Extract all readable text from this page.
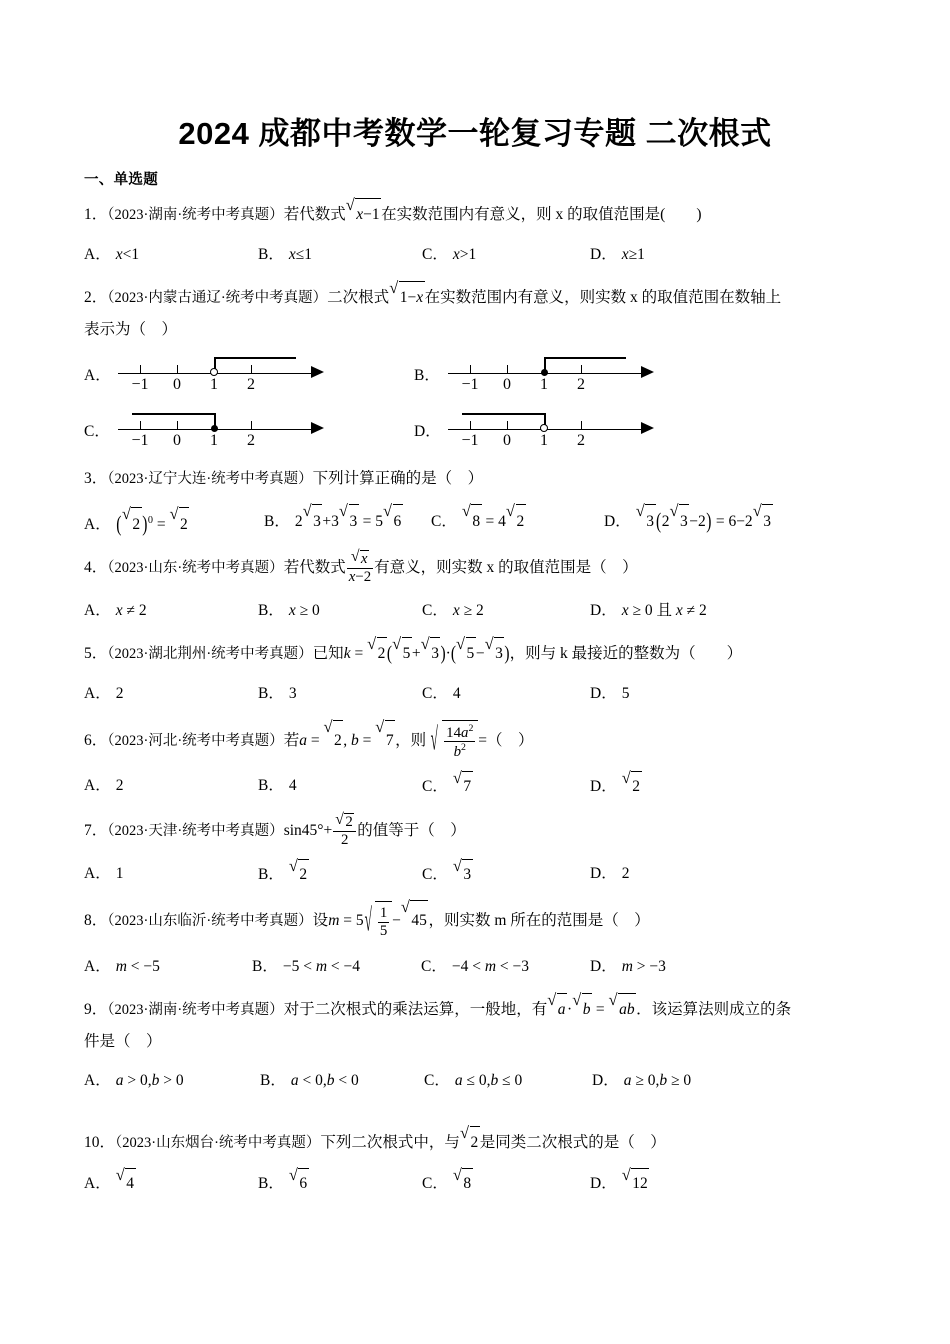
2024 成都中考数学一轮复习专题 二次根式
一、单选题
1．（2023·湖南·统考中考真题）若代数式 √ x−1在实数范围内有意义，则 x 的取值范围是(　　)
A． x<1	B． x≤1	C． x>1	D． x≥1
2．（2023·内蒙古通辽·统考中考真题）二次根式 √ 1−x在实数范围内有意义，则实数 x 的取值范围在数轴上
表示为（　）
A．
−1	0	1	2
B．
−1	0	1	2
C．
−1	0	1	2
D．
−1	0	1	2
3．（2023·辽宁大连·统考中考真题）下列计算正确的是（　）
A． ( √ 2 )$^0$ = √ 2	B． 2 √ 3+3 √ 3 = 5 √ 6 C． √ 8 = 4 √ 2	D． √ 3 (2 √ 3−2) = 6−2 √ 3
4．（2023·山东·统考中考真题）若代数式 √ $\frac{x}{x-2}$ 有意义，则实数 x 的取值范围是（　）
A． x ≠ 2	B． x ≥ 0	C． x ≥ 2	D． x ≥ 0 且 x ≠ 2
5．（2023·湖北荆州·统考中考真题）已知k = √ 2( √ 5+ √ 3)·( √ 5− √ 3)，则与 k 最接近的整数为（　　）
A． 2	B． 3	C． 4	D． 5
6．（2023·河北·统考中考真题）若a = √ 2, b = √ 7，则 √ $\frac{14a^2}{b^2}$ =（　）
A． 2	B． 4	C． √ 7	D． √ 2
7．（2023·天津·统考中考真题）sin45°+ √ $\frac{2}{2}$ 的值等于（　）
A． 1	B． √ 2	C． √ 3	D． 2
8．（2023·山东临沂·统考中考真题）设m = 5 √ $\frac{1}{5}$ − √ 45，则实数 m 所在的范围是（　）
A． m < −5	B． −5 < m < −4	C． −4 < m < −3	D． m > −3
9．（2023·湖南·统考中考真题）对于二次根式的乘法运算，一般地，有 √ a· √ b = √ ab．该运算法则成立的条
件是（　）
A． a > 0,b > 0	B． a < 0,b < 0	C． a ≤ 0,b ≤ 0	D． a ≥ 0,b ≥ 0
10．（2023·山东烟台·统考中考真题）下列二次根式中，与 √ 2是同类二次根式的是（　）
A． √ 4	B． √ 6	C． √ 8	D． √ 12
